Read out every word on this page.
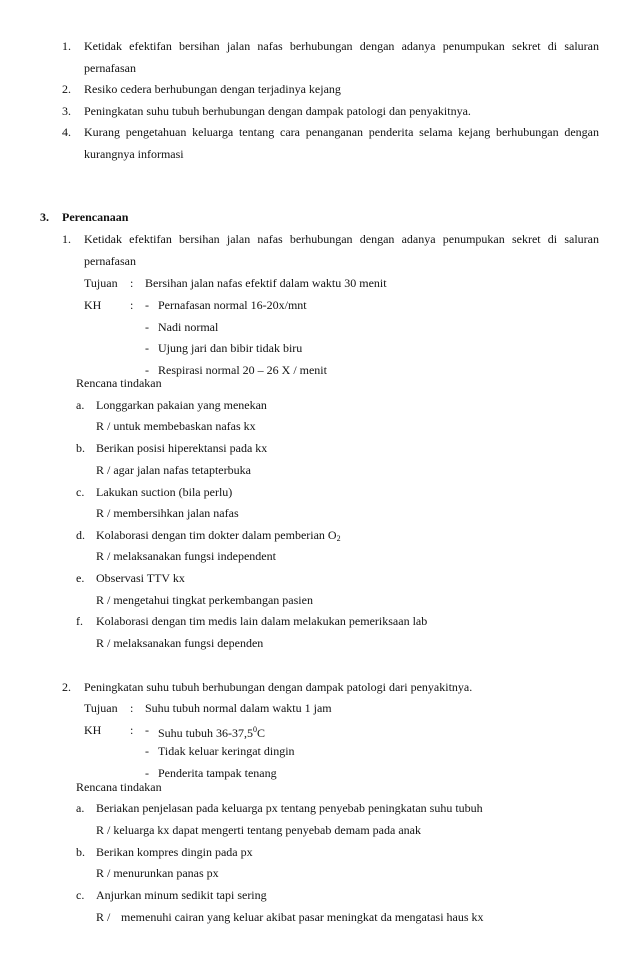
1. Ketidak efektifan bersihan jalan nafas berhubungan dengan adanya penumpukan sekret di saluran
pernafasan
2. Resiko cedera berhubungan dengan terjadinya kejang
3. Peningkatan suhu tubuh berhubungan dengan dampak patologi dan penyakitnya.
4. Kurang pengetahuan keluarga tentang cara penanganan penderita selama kejang berhubungan dengan
kurangnya informasi
3. Perencanaan
1. Ketidak efektifan bersihan jalan nafas berhubungan dengan adanya penumpukan sekret di saluran
pernafasan
Tujuan : Bersihan jalan nafas efektif dalam waktu 30 menit
KH : - Pernafasan normal 16-20x/mnt
- Nadi normal
- Ujung jari dan bibir tidak biru
- Respirasi normal 20 – 26 X / menit
Rencana tindakan
a. Longgarkan pakaian yang menekan
R / untuk membebaskan nafas kx
b. Berikan posisi hiperektansi pada kx
R / agar jalan nafas tetapterbuka
c. Lakukan suction (bila perlu)
R / membersihkan jalan nafas
d. Kolaborasi dengan tim dokter dalam pemberian $O_2$
R / melaksanakan fungsi independent
e. Observasi TTV kx
R / mengetahui tingkat perkembangan pasien
f. Kolaborasi dengan tim medis lain dalam melakukan pemeriksaan lab
R / melaksanakan fungsi dependen
2. Peningkatan suhu tubuh berhubungan dengan dampak patologi dari penyakitnya.
Tujuan : Suhu tubuh normal dalam waktu 1 jam
KH : - Suhu tubuh 36-37,5$^0$C
- Tidak keluar keringat dingin
- Penderita tampak tenang
Rencana tindakan
a. Beriakan penjelasan pada keluarga px tentang penyebab peningkatan suhu tubuh
R / keluarga kx dapat mengerti tentang penyebab demam pada anak
b. Berikan kompres dingin pada px
R / menurunkan panas px
c. Anjurkan minum sedikit tapi sering
R / memenuhi cairan yang keluar akibat pasar meningkat da mengatasi haus kx
